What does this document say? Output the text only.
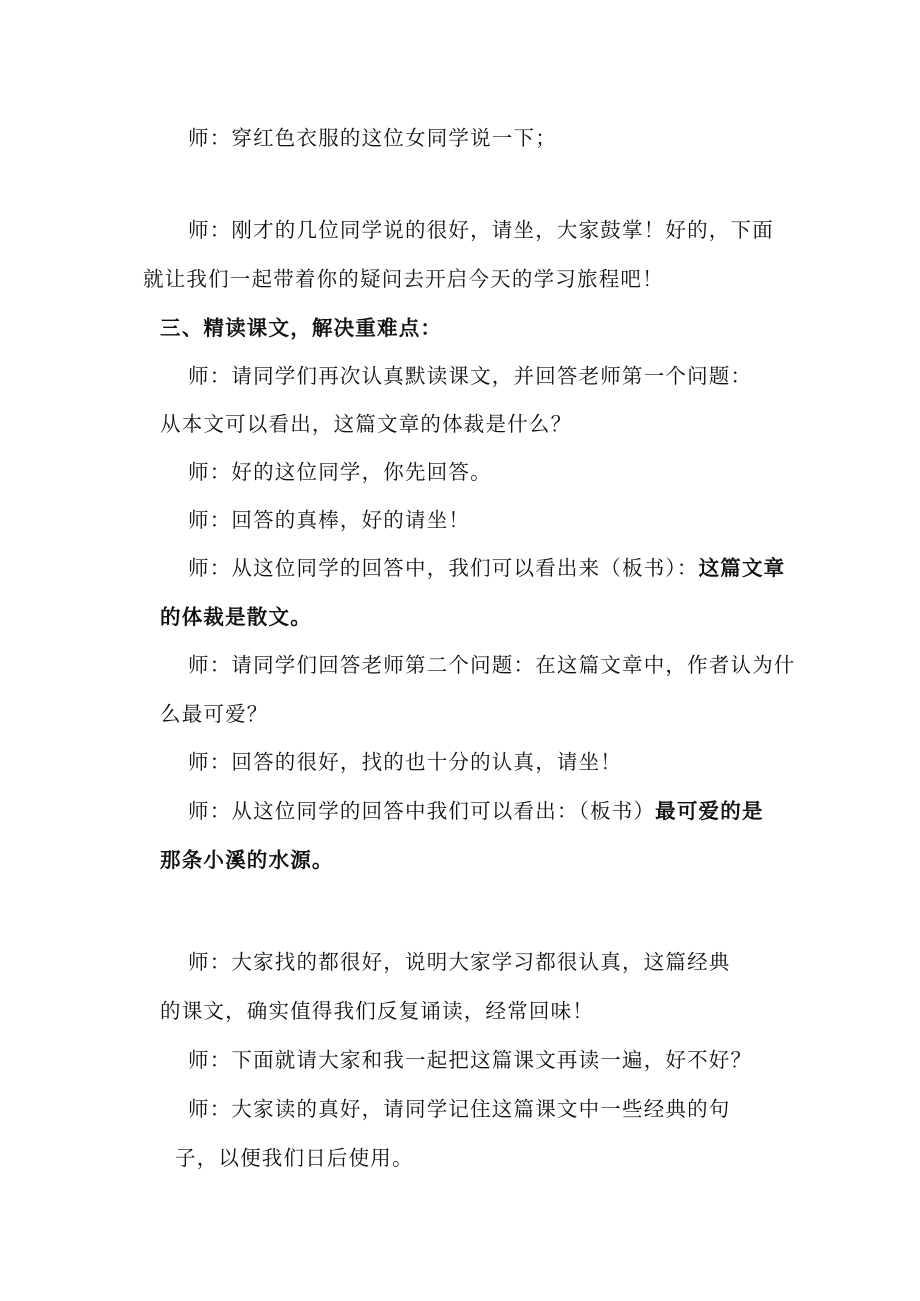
师：穿红色衣服的这位女同学说一下；

师：刚才的几位同学说的很好，请坐，大家鼓掌！好的，下面

就让我们一起带着你的疑问去开启今天的学习旅程吧！

三、精读课文，解决重难点：

师：请同学们再次认真默读课文，并回答老师第一个问题：

从本文可以看出，这篇文章的体裁是什么？

师：好的这位同学，你先回答。

师：回答的真棒，好的请坐！

师：从这位同学的回答中，我们可以看出来（板书）：这篇文章

的体裁是散文。

师：请同学们回答老师第二个问题：在这篇文章中，作者认为什

么最可爱？

师：回答的很好，找的也十分的认真，请坐！

师：从这位同学的回答中我们可以看出：（板书）最可爱的是

那条小溪的水源。

师：大家找的都很好，说明大家学习都很认真，这篇经典

的课文，确实值得我们反复诵读，经常回味！

师：下面就请大家和我一起把这篇课文再读一遍，好不好？

师：大家读的真好，请同学记住这篇课文中一些经典的句

子，以便我们日后使用。
